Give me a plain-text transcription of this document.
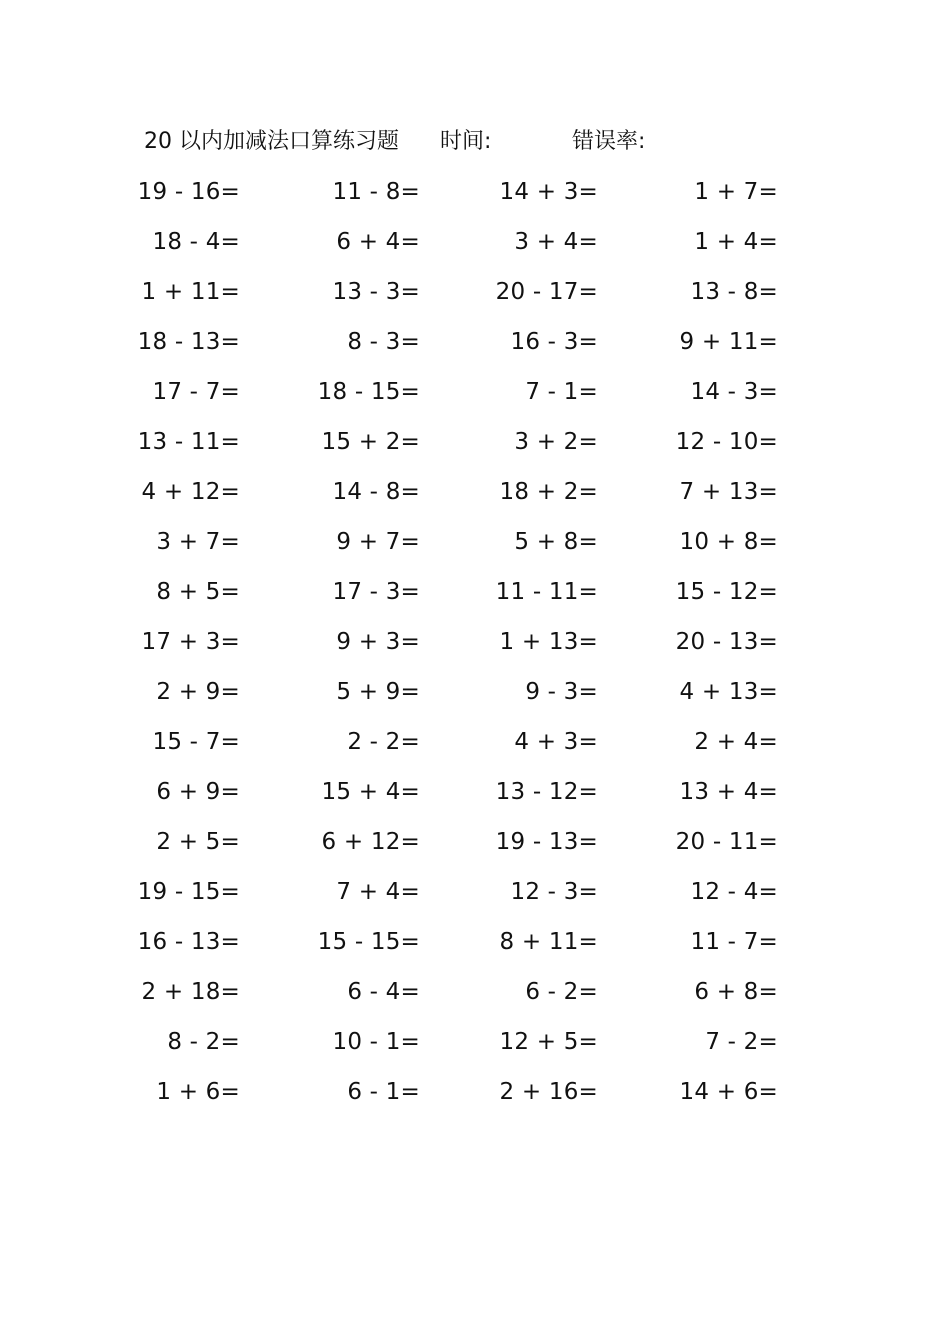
20 以内加减法口算练习题 时间:	错误率:
19 - 16=	11 - 8=	14 + 3=	1 + 7=
18 - 4=	6 + 4=	3 + 4=	1 + 4=
1 + 11=	13 - 3=	20 - 17=	13 - 8=
18 - 13=	8 - 3=	16 - 3=	9 + 11=
17 - 7=	18 - 15=	7 - 1=	14 - 3=
13 - 11=	15 + 2=	3 + 2=	12 - 10=
4 + 12=	14 - 8=	18 + 2=	7 + 13=
3 + 7=	9 + 7=	5 + 8=	10 + 8=
8 + 5=	17 - 3=	11 - 11=	15 - 12=
17 + 3=	9 + 3=	1 + 13=	20 - 13=
2 + 9=	5 + 9=	9 - 3=	4 + 13=
15 - 7=	2 - 2=	4 + 3=	2 + 4=
6 + 9=	15 + 4=	13 - 12=	13 + 4=
2 + 5=	6 + 12=	19 - 13=	20 - 11=
19 - 15=	7 + 4=	12 - 3=	12 - 4=
16 - 13=	15 - 15=	8 + 11=	11 - 7=
2 + 18=	6 - 4=	6 - 2=	6 + 8=
8 - 2=	10 - 1=	12 + 5=	7 - 2=
1 + 6=	6 - 1=	2 + 16=	14 + 6=
